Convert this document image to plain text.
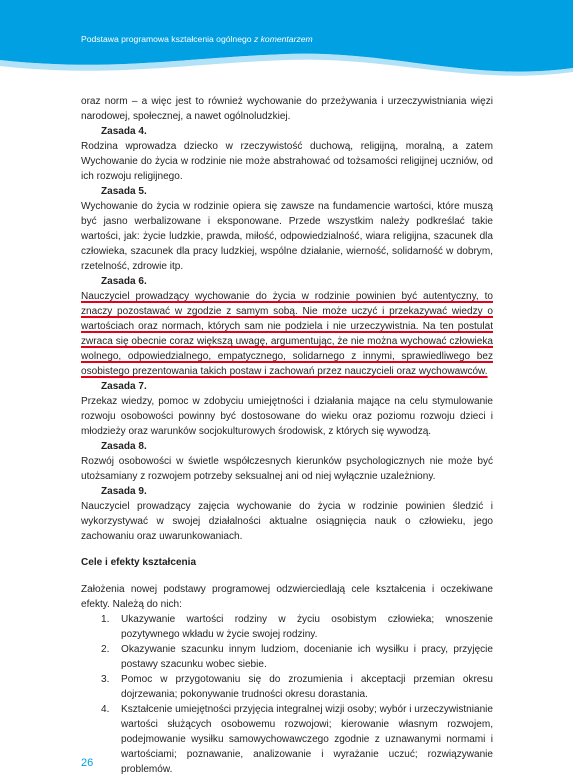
Podstawa programowa kształcenia ogólnego z komentarzem

oraz norm – a więc jest to również wychowanie do przeżywania i urzeczywistniania więzi narodowej, społecznej, a nawet ogólnoludzkiej.

Zasada 4.

Rodzina wprowadza dziecko w rzeczywistość duchową, religijną, moralną, a zatem Wychowanie do życia w rodzinie nie może abstrahować od tożsamości religijnej uczniów, od ich rozwoju religijnego.

Zasada 5.

Wychowanie do życia w rodzinie opiera się zawsze na fundamencie wartości, które muszą być jasno werbalizowane i eksponowane. Przede wszystkim należy podkreślać takie wartości, jak: życie ludzkie, prawda, miłość, odpowiedzialność, wiara religijna, szacunek dla człowieka, szacunek dla pracy ludzkiej, wspólne działanie, wierność, solidarność w dobrym, rzetelność, zdrowie itp.

Zasada 6.

Nauczyciel prowadzący wychowanie do życia w rodzinie powinien być autentyczny, to znaczy pozostawać w zgodzie z samym sobą. Nie może uczyć i przekazywać wiedzy o wartościach oraz normach, których sam nie podziela i nie urzeczywistnia. Na ten postulat zwraca się obecnie coraz większą uwagę, argumentując, że nie można wychować człowieka wolnego, odpowiedzialnego, empatycznego, solidarnego z innymi, sprawiedliwego bez osobistego prezentowania takich postaw i zachowań przez nauczycieli oraz wychowawców.

Zasada 7.

Przekaz wiedzy, pomoc w zdobyciu umiejętności i działania mające na celu stymulowanie rozwoju osobowości powinny być dostosowane do wieku oraz poziomu rozwoju dzieci i młodzieży oraz warunków socjokulturowych środowisk, z których się wywodzą.

Zasada 8.

Rozwój osobowości w świetle współczesnych kierunków psychologicznych nie może być utożsamiany z rozwojem potrzeby seksualnej ani od niej wyłącznie uzależniony.

Zasada 9.

Nauczyciel prowadzący zajęcia wychowanie do życia w rodzinie powinien śledzić i wykorzystywać w swojej działalności aktualne osiągnięcia nauk o człowieku, jego zachowaniu oraz uwarunkowaniach.

Cele i efekty kształcenia

Założenia nowej podstawy programowej odzwierciedlają cele kształcenia i oczekiwane efekty. Należą do nich:

1. Ukazywanie wartości rodziny w życiu osobistym człowieka; wnoszenie pozytywnego wkładu w życie swojej rodziny.
2. Okazywanie szacunku innym ludziom, docenianie ich wysiłku i pracy, przyjęcie postawy szacunku wobec siebie.
3. Pomoc w przygotowaniu się do zrozumienia i akceptacji przemian okresu dojrzewania; pokonywanie trudności okresu dorastania.
4. Kształcenie umiejętności przyjęcia integralnej wizji osoby; wybór i urzeczywistnianie wartości służących osobowemu rozwojowi; kierowanie własnym rozwojem, podejmowanie wysiłku samowychowawczego zgodnie z uznawanymi normami i wartościami; poznawanie, analizowanie i wyrażanie uczuć; rozwiązywanie problemów.
26
